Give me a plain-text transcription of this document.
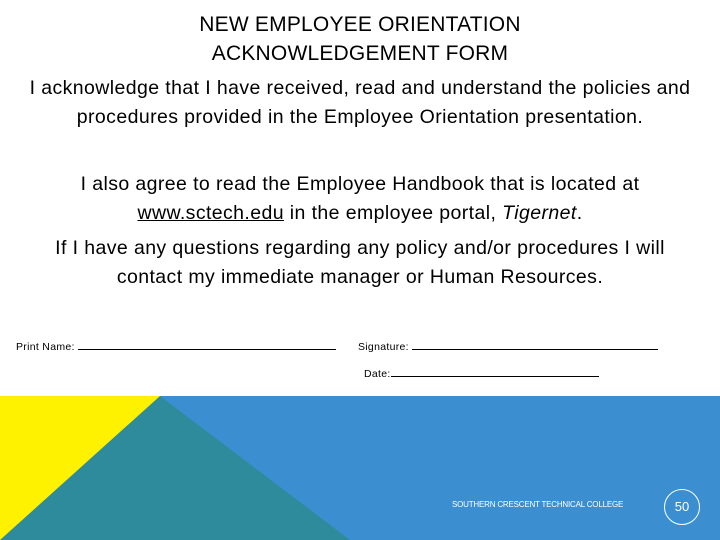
NEW EMPLOYEE ORIENTATION
ACKNOWLEDGEMENT FORM
I acknowledge that I have received, read and understand the policies and procedures provided in the Employee Orientation presentation.
I also agree to read the Employee Handbook that is located at www.sctech.edu in the employee portal, Tigernet.
If I have any questions regarding any policy and/or procedures I will contact my immediate manager or Human Resources.
Print Name:	Signature:
Date:
SOUTHERN CRESCENT TECHNICAL COLLEGE	50
